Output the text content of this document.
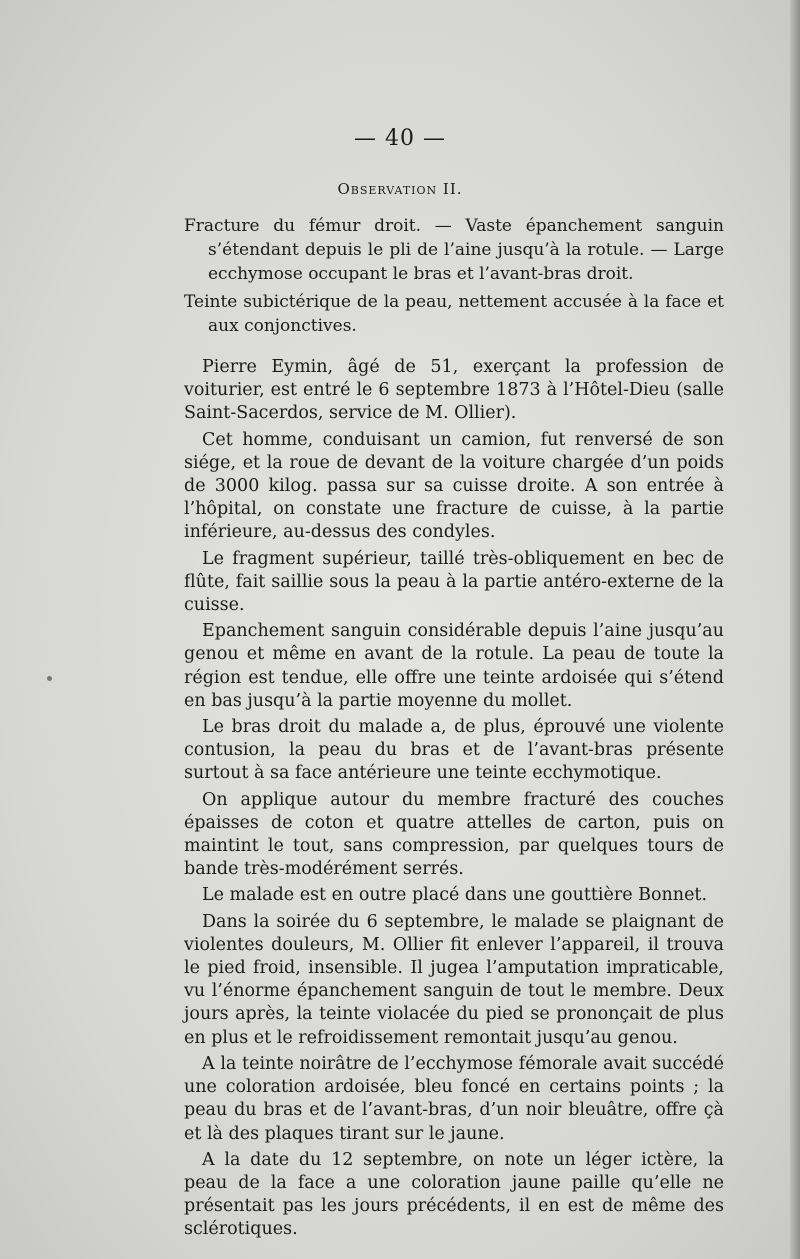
— 40 —
Observation II.

Fracture du fémur droit. — Vaste épanchement sanguin s’étendant depuis le pli de l’aine jusqu’à la rotule. — Large ecchymose occupant le bras et l’avant-bras droit.

Teinte subictérique de la peau, nettement accusée à la face et aux conjonctives.

Pierre Eymin, âgé de 51, exerçant la profession de voiturier, est entré le 6 septembre 1873 à l’Hôtel-Dieu (salle Saint-Sacerdos, service de M. Ollier).

Cet homme, conduisant un camion, fut renversé de son siége, et la roue de devant de la voiture chargée d’un poids de 3000 kilog. passa sur sa cuisse droite. A son entrée à l’hôpital, on constate une fracture de cuisse, à la partie inférieure, au-dessus des condyles.

Le fragment supérieur, taillé très-obliquement en bec de flûte, fait saillie sous la peau à la partie antéro-externe de la cuisse.

Epanchement sanguin considérable depuis l’aine jusqu’au genou et même en avant de la rotule. La peau de toute la région est tendue, elle offre une teinte ardoisée qui s’étend en bas jusqu’à la partie moyenne du mollet.

Le bras droit du malade a, de plus, éprouvé une violente contusion, la peau du bras et de l’avant-bras présente surtout à sa face antérieure une teinte ecchymotique.

On applique autour du membre fracturé des couches épaisses de coton et quatre attelles de carton, puis on maintint le tout, sans compression, par quelques tours de bande très-modérément serrés.

Le malade est en outre placé dans une gouttière Bonnet.

Dans la soirée du 6 septembre, le malade se plaignant de violentes douleurs, M. Ollier fit enlever l’appareil, il trouva le pied froid, insensible. Il jugea l’amputation impraticable, vu l’énorme épanchement sanguin de tout le membre. Deux jours après, la teinte violacée du pied se prononçait de plus en plus et le refroidissement remontait jusqu’au genou.

A la teinte noirâtre de l’ecchymose fémorale avait succédé une coloration ardoisée, bleu foncé en certains points ; la peau du bras et de l’avant-bras, d’un noir bleuâtre, offre çà et là des plaques tirant sur le jaune.

A la date du 12 septembre, on note un léger ictère, la peau de la face a une coloration jaune paille qu’elle ne présentait pas les jours précédents, il en est de même des sclérotiques.
